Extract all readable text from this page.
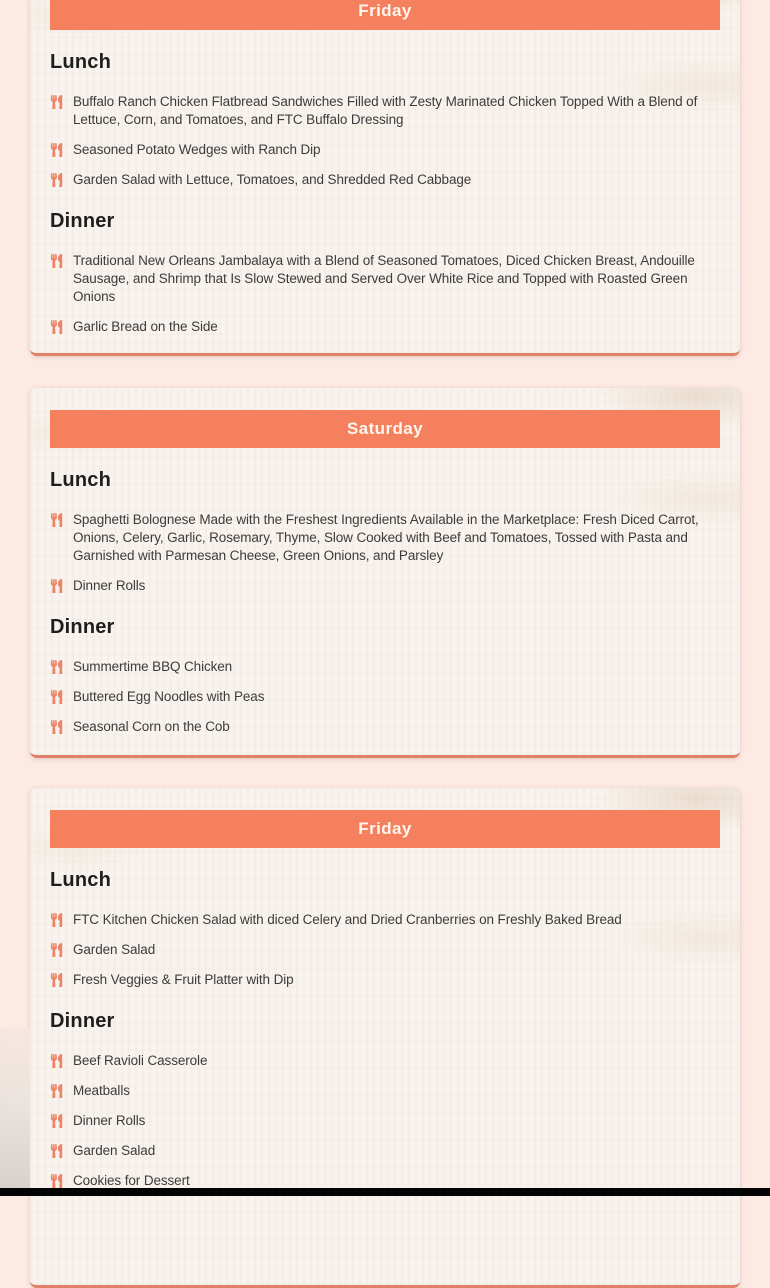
Friday
Lunch
Buffalo Ranch Chicken Flatbread Sandwiches Filled with Zesty Marinated Chicken Topped With a Blend of Lettuce, Corn, and Tomatoes, and FTC Buffalo Dressing
Seasoned Potato Wedges with Ranch Dip
Garden Salad with Lettuce, Tomatoes, and Shredded Red Cabbage
Dinner
Traditional New Orleans Jambalaya with a Blend of Seasoned Tomatoes, Diced Chicken Breast, Andouille Sausage, and Shrimp that Is Slow Stewed and Served Over White Rice and Topped with Roasted Green Onions
Garlic Bread on the Side
Saturday
Lunch
Spaghetti Bolognese Made with the Freshest Ingredients Available in the Marketplace: Fresh Diced Carrot, Onions, Celery, Garlic, Rosemary, Thyme, Slow Cooked with Beef and Tomatoes, Tossed with Pasta and Garnished with Parmesan Cheese, Green Onions, and Parsley
Dinner Rolls
Dinner
Summertime BBQ Chicken
Buttered Egg Noodles with Peas
Seasonal Corn on the Cob
Friday
Lunch
FTC Kitchen Chicken Salad with diced Celery and Dried Cranberries on Freshly Baked Bread
Garden Salad
Fresh Veggies & Fruit Platter with Dip
Dinner
Beef Ravioli Casserole
Meatballs
Dinner Rolls
Garden Salad
Cookies for Dessert
